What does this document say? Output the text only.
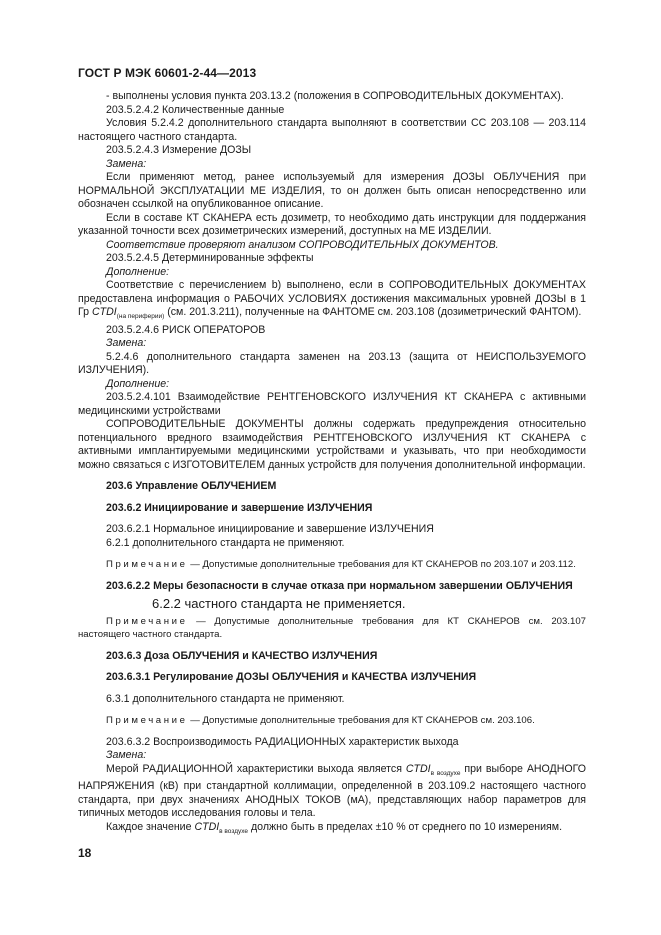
ГОСТ Р МЭК 60601-2-44—2013

- выполнены условия пункта 203.13.2 (положения в СОПРОВОДИТЕЛЬНЫХ ДОКУМЕНТАХ).

203.5.2.4.2 Количественные данные

Условия 5.2.4.2 дополнительного стандарта выполняют в соответствии CC 203.108 — 203.114 настоящего частного стандарта.

203.5.2.4.3 Измерение ДОЗЫ

Замена:

Если применяют метод, ранее используемый для измерения ДОЗЫ ОБЛУЧЕНИЯ при НОРМАЛЬНОЙ ЭКСПЛУАТАЦИИ МЕ ИЗДЕЛИЯ, то он должен быть описан непосредственно или обозначен ссылкой на опубликованное описание.

Если в составе КТ СКАНЕРА есть дозиметр, то необходимо дать инструкции для поддержания указанной точности всех дозиметрических измерений, доступных на МЕ ИЗДЕЛИИ.

Соответствие проверяют анализом СОПРОВОДИТЕЛЬНЫХ ДОКУМЕНТОВ.

203.5.2.4.5 Детерминированные эффекты

Дополнение:

Соответствие с перечислением b) выполнено, если в СОПРОВОДИТЕЛЬНЫХ ДОКУМЕНТАХ предоставлена информация о РАБОЧИХ УСЛОВИЯХ достижения максимальных уровней ДОЗЫ в 1 Гр $CTDI_{(на периферии)}$ (см. 201.3.211), полученные на ФАНТОМЕ см. 203.108 (дозиметрический ФАНТОМ).

203.5.2.4.6 РИСК ОПЕРАТОРОВ

Замена:

5.2.4.6 дополнительного стандарта заменен на 203.13 (защита от НЕИСПОЛЬЗУЕМОГО ИЗЛУЧЕНИЯ).

Дополнение:

203.5.2.4.101 Взаимодействие РЕНТГЕНОВСКОГО ИЗЛУЧЕНИЯ КТ СКАНЕРА с активными медицинскими устройствами

СОПРОВОДИТЕЛЬНЫЕ ДОКУМЕНТЫ должны содержать предупреждения относительно потенциального вредного взаимодействия РЕНТГЕНОВСКОГО ИЗЛУЧЕНИЯ КТ СКАНЕРА с активными имплантируемыми медицинскими устройствами и указывать, что при необходимости можно связаться с ИЗГОТОВИТЕЛЕМ данных устройств для получения дополнительной информации.

203.6 Управление ОБЛУЧЕНИЕМ

203.6.2 Инициирование и завершение ИЗЛУЧЕНИЯ

203.6.2.1 Нормальное инициирование и завершение ИЗЛУЧЕНИЯ

6.2.1 дополнительного стандарта не применяют.

Примечание — Допустимые дополнительные требования для КТ СКАНЕРОВ по 203.107 и 203.112.

203.6.2.2 Меры безопасности в случае отказа при нормальном завершении ОБЛУЧЕНИЯ

6.2.2 частного стандарта не применяется.

Примечание — Допустимые дополнительные требования для КТ СКАНЕРОВ см. 203.107 настоящего частного стандарта.

203.6.3 Доза ОБЛУЧЕНИЯ и КАЧЕСТВО ИЗЛУЧЕНИЯ

203.6.3.1 Регулирование ДОЗЫ ОБЛУЧЕНИЯ и КАЧЕСТВА ИЗЛУЧЕНИЯ

6.3.1 дополнительного стандарта не применяют.

Примечание — Допустимые дополнительные требования для КТ СКАНЕРОВ см. 203.106.

203.6.3.2 Воспроизводимость РАДИАЦИОННЫХ характеристик выхода

Замена:

Мерой РАДИАЦИОННОЙ характеристики выхода является $CTDI_{в воздухе}$ при выборе АНОДНОГО НАПРЯЖЕНИЯ (кВ) при стандартной коллимации, определенной в 203.109.2 настоящего частного стандарта, при двух значениях АНОДНЫХ ТОКОВ (мА), представляющих набор параметров для типичных методов исследования головы и тела.

Каждое значение $CTDI_{в воздухе}$ должно быть в пределах ±10 % от среднего по 10 измерениям.

18
